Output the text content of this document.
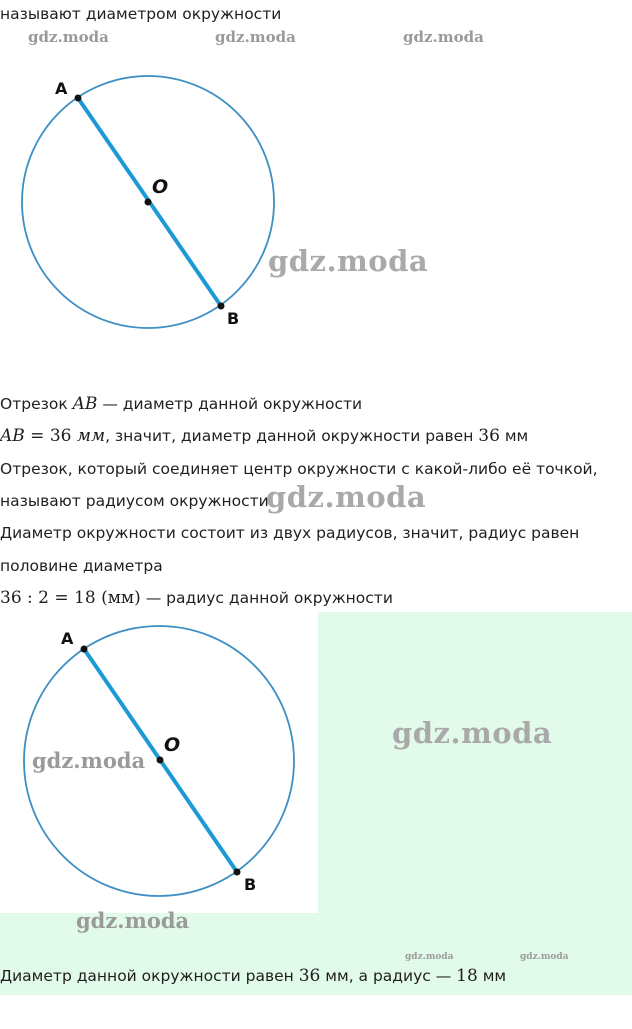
называют диаметром окружности
gdz.moda	gdz.moda	gdz.moda
A
O
B
gdz.moda
Отрезок AB — диаметр данной окружности
AB = 36 мм, значит, диаметр данной окружности равен 36 мм
Отрезок, который соединяет центр окружности с какой-либо её точкой,
называют радиусом окружности
gdz.moda
Диаметр окружности состоит из двух радиусов, значит, радиус равен
половине диаметра
36 : 2 = 18 (мм) — радиус данной окружности
A
O
B
gdz.moda
gdz.moda
gdz.moda
gdz.moda	gdz.moda
Диаметр данной окружности равен 36 мм, а радиус — 18 мм
